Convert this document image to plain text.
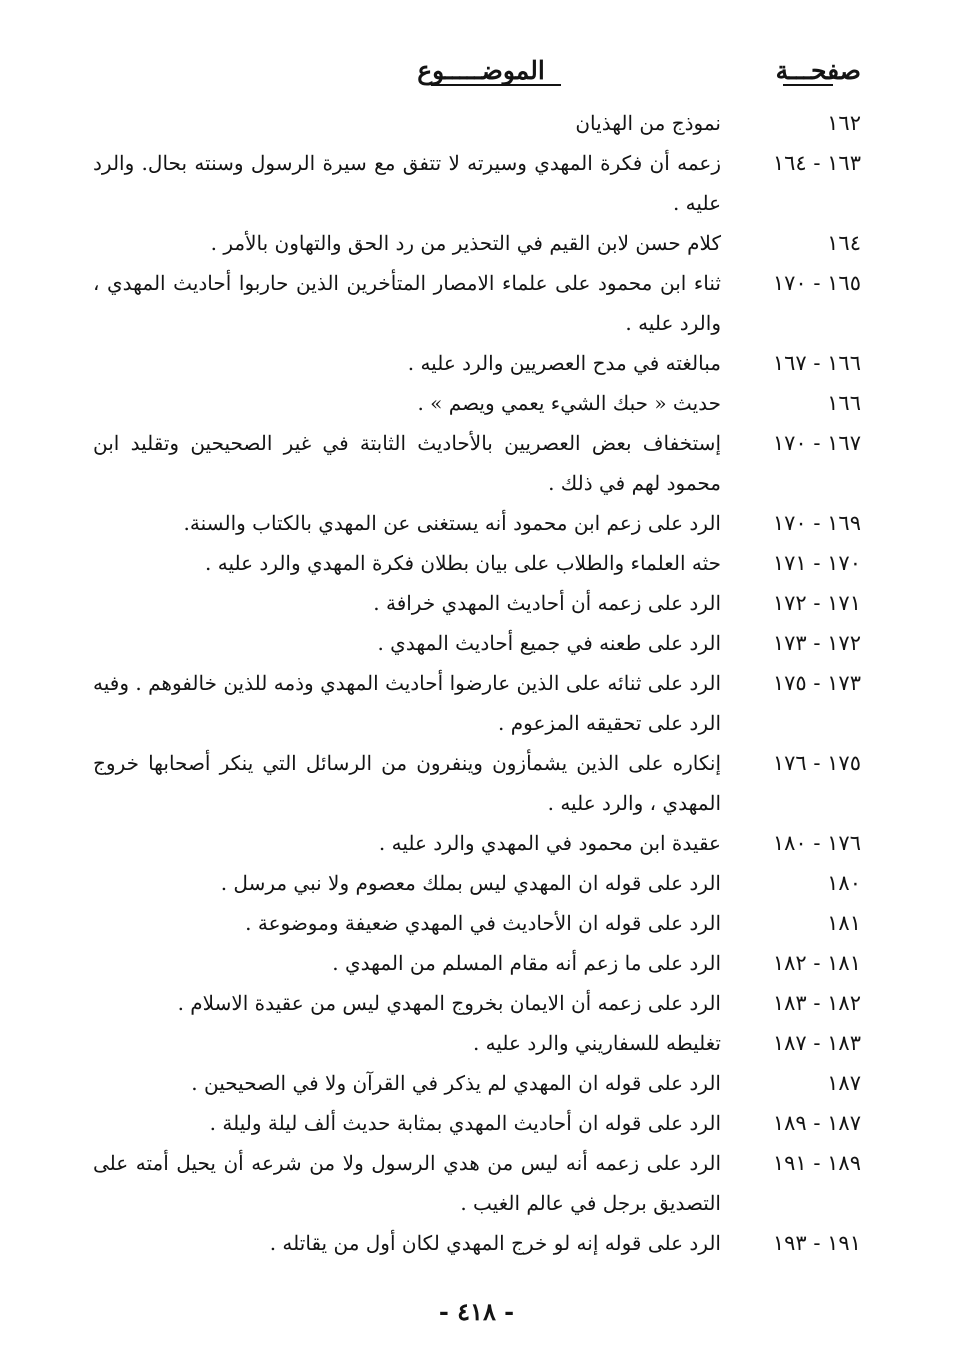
صفحـــة
الموضـــــوع
١٦٢
نموذج من الهذيان
١٦٣ - ١٦٤
زعمه أن فكرة المهدي وسيرته لا تتفق مع سيرة الرسول وسنته بحال. والرد عليه .
١٦٤
كلام حسن لابن القيم في التحذير من رد الحق والتهاون بالأمر .
١٦٥ - ١٧٠
ثناء ابن محمود على علماء الامصار المتأخرين الذين حاربوا أحاديث المهدي ، والرد عليه .
١٦٦ - ١٦٧
مبالغته في مدح العصريين والرد عليه .
١٦٦
حديث « حبك الشيء يعمي ويصم » .
١٦٧ - ١٧٠
إستخفاف بعض العصريين بالأحاديث الثابتة في غير الصحيحين وتقليد ابن محمود لهم في ذلك .
١٦٩ - ١٧٠
الرد على زعم ابن محمود أنه يستغنى عن المهدي بالكتاب والسنة.
١٧٠ - ١٧١
حثه العلماء والطلاب على بيان بطلان فكرة المهدي والرد عليه .
١٧١ - ١٧٢
الرد على زعمه أن أحاديث المهدي خرافة .
١٧٢ - ١٧٣
الرد على طعنه في جميع أحاديث المهدي .
١٧٣ - ١٧٥
الرد على ثنائه على الذين عارضوا أحاديث المهدي وذمه للذين خالفوهم . وفيه الرد على تحقيقه المزعوم .
١٧٥ - ١٧٦
إنكاره على الذين يشمأزون وينفرون من الرسائل التي ينكر أصحابها خروج المهدي ، والرد عليه .
١٧٦ - ١٨٠
عقيدة ابن محمود في المهدي والرد عليه .
١٨٠
الرد على قوله ان المهدي ليس بملك معصوم ولا نبي مرسل .
١٨١
الرد على قوله ان الأحاديث في المهدي ضعيفة وموضوعة .
١٨١ - ١٨٢
الرد على ما زعم أنه مقام المسلم من المهدي .
١٨٢ - ١٨٣
الرد على زعمه أن الايمان بخروج المهدي ليس من عقيدة الاسلام .
١٨٣ - ١٨٧
تغليطه للسفاريني والرد عليه .
١٨٧
الرد على قوله ان المهدي لم يذكر في القرآن ولا في الصحيحين .
١٨٧ - ١٨٩
الرد على قوله ان أحاديث المهدي بمثابة حديث ألف ليلة وليلة .
١٨٩ - ١٩١
الرد على زعمه أنه ليس من هدي الرسول ولا من شرعه أن يحيل أمته على التصديق برجل في عالم الغيب .
١٩١ - ١٩٣
الرد على قوله إنه لو خرج المهدي لكان أول من يقاتله .
- ٤١٨ -
